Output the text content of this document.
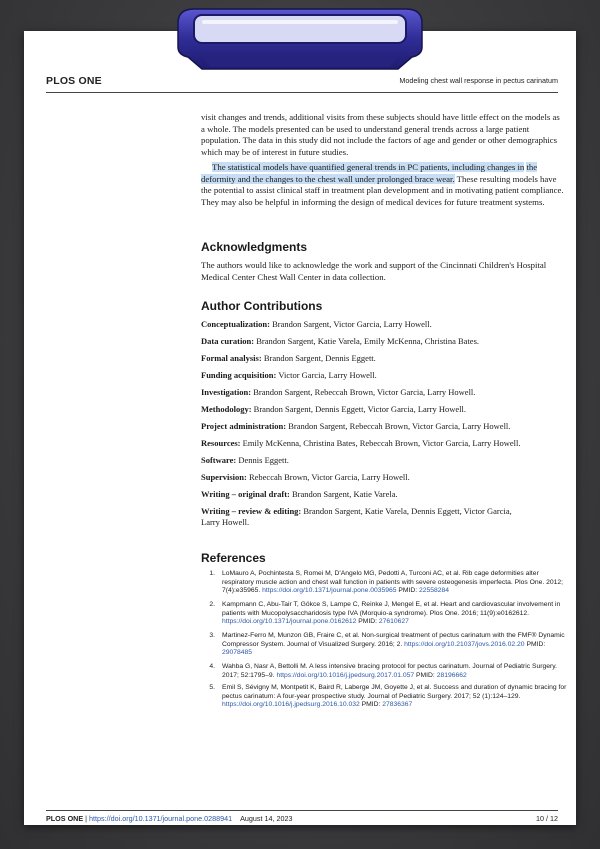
PLOS ONE	Modeling chest wall response in pectus carinatum

visit changes and trends, additional visits from these subjects should have little effect on the models as a whole. The models presented can be used to understand general trends across a large patient population. The data in this study did not include the factors of age and gender or other demographics which may be of interest in future studies.

The statistical models have quantified general trends in PC patients, including changes in the deformity and the changes to the chest wall under prolonged brace wear. These resulting models have the potential to assist clinical staff in treatment plan development and in motivating patient compliance. They may also be helpful in informing the design of medical devices for future treatment systems.

Acknowledgments

The authors would like to acknowledge the work and support of the Cincinnati Children's Hospital Medical Center Chest Wall Center in data collection.

Author Contributions

Conceptualization: Brandon Sargent, Victor Garcia, Larry Howell.

Data curation: Brandon Sargent, Katie Varela, Emily McKenna, Christina Bates.

Formal analysis: Brandon Sargent, Dennis Eggett.

Funding acquisition: Victor Garcia, Larry Howell.

Investigation: Brandon Sargent, Rebeccah Brown, Victor Garcia, Larry Howell.

Methodology: Brandon Sargent, Dennis Eggett, Victor Garcia, Larry Howell.

Project administration: Brandon Sargent, Rebeccah Brown, Victor Garcia, Larry Howell.

Resources: Emily McKenna, Christina Bates, Rebeccah Brown, Victor Garcia, Larry Howell.

Software: Dennis Eggett.

Supervision: Rebeccah Brown, Victor Garcia, Larry Howell.

Writing – original draft: Brandon Sargent, Katie Varela.

Writing – review & editing: Brandon Sargent, Katie Varela, Dennis Eggett, Victor Garcia, Larry Howell.

References
1. LoMauro A, Pochintesta S, Romei M, D'Angelo MG, Pedotti A, Turconi AC, et al. Rib cage deformities alter respiratory muscle action and chest wall function in patients with severe osteogenesis imperfecta. Plos One. 2012; 7(4):e35965. https://doi.org/10.1371/journal.pone.0035965 PMID: 22558284
2. Kampmann C, Abu-Tair T, Gökce S, Lampe C, Reinke J, Mengel E, et al. Heart and cardiovascular involvement in patients with Mucopolysaccharidosis type IVA (Morquio-a syndrome). Plos One. 2016; 11(9):e0162612. https://doi.org/10.1371/journal.pone.0162612 PMID: 27610627
3. Martinez-Ferro M, Munzon GB, Fraire C, et al. Non-surgical treatment of pectus carinatum with the FMF® Dynamic Compressor System. Journal of Visualized Surgery. 2016; 2. https://doi.org/10.21037/jovs.2016.02.20 PMID: 29078485
4. Wahba G, Nasr A, Bettolli M. A less intensive bracing protocol for pectus carinatum. Journal of Pediatric Surgery. 2017; 52:1795–9. https://doi.org/10.1016/j.jpedsurg.2017.01.057 PMID: 28196662
5. Emil S, Sévigny M, Montpetit K, Baird R, Laberge JM, Goyette J, et al. Success and duration of dynamic bracing for pectus carinatum: A four-year prospective study. Journal of Pediatric Surgery. 2017; 52 (1):124–129. https://doi.org/10.1016/j.jpedsurg.2016.10.032 PMID: 27836367
PLOS ONE | https://doi.org/10.1371/journal.pone.0288941 August 14, 2023	10 / 12
